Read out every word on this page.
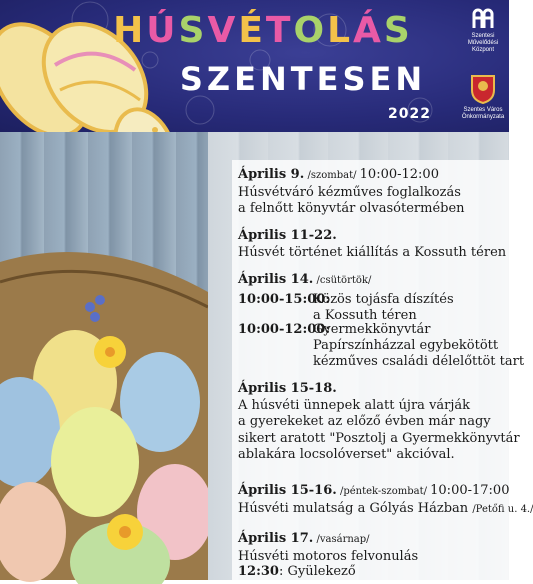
HÚSVÉTOLÁS
SZENTESEN
2022
Szentesi Művelődési Központ
Szentes Város Önkormányzata
Április 9. /szombat/ 10:00-12:00
Húsvétváró kézműves foglalkozás
a felnőtt könyvtár olvasótermében
Április 11-22.
Húsvét történet kiállítás a Kossuth téren
Április 14. /csütörtök/
10:00-15:00:
Közös tojásfa díszítés
a Kossuth téren
10:00-12:00:
Gyermekkönyvtár
Papírszínházzal egybekötött
kézműves családi délelőttöt tart
Április 15-18.
A húsvéti ünnepek alatt újra várják
a gyerekeket az előző évben már nagy
sikert aratott "Posztolj a Gyermekkönyvtár
ablakára locsolóverset" akcióval.
Április 15-16. /péntek-szombat/ 10:00-17:00
Húsvéti mulatság a Gólyás Házban /Petőfi u. 4./
Április 17. /vasárnap/
Húsvéti motoros felvonulás
12:30: Gyülekező
